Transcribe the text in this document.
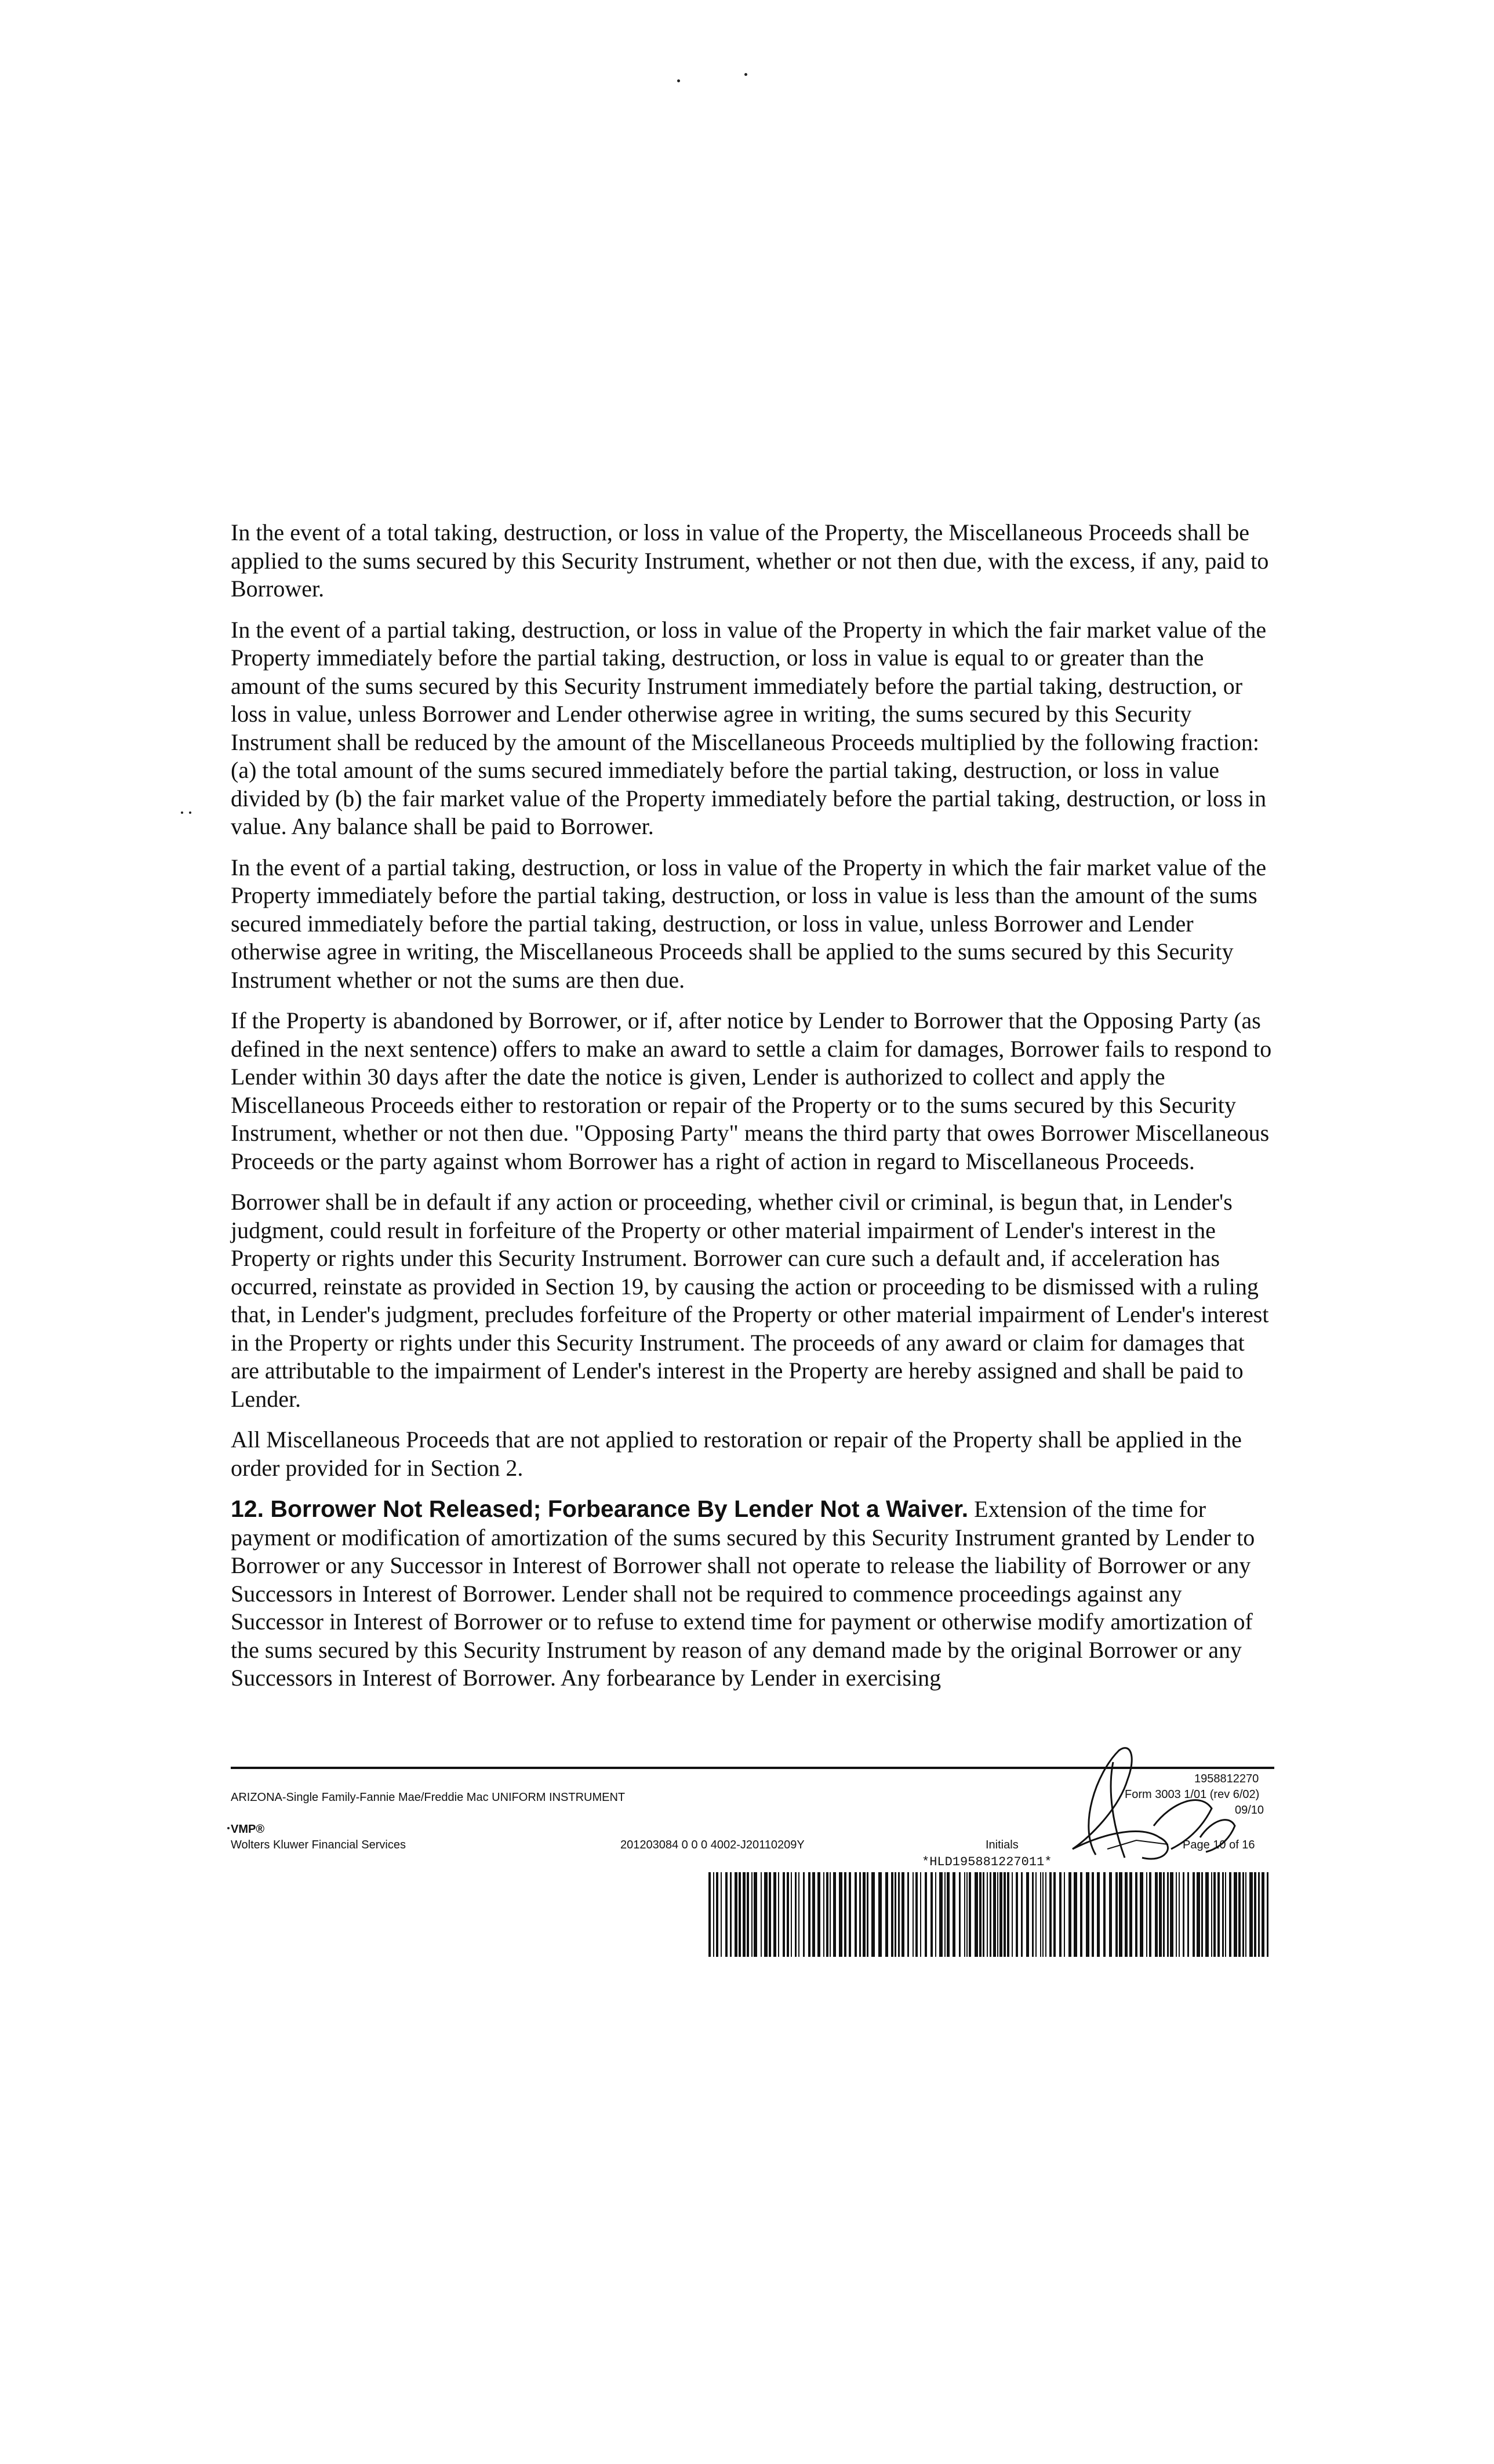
In the event of a total taking, destruction, or loss in value of the Property, the Miscellaneous Proceeds shall be applied to the sums secured by this Security Instrument, whether or not then due, with the excess, if any, paid to Borrower.

In the event of a partial taking, destruction, or loss in value of the Property in which the fair market value of the Property immediately before the partial taking, destruction, or loss in value is equal to or greater than the amount of the sums secured by this Security Instrument immediately before the partial taking, destruction, or loss in value, unless Borrower and Lender otherwise agree in writing, the sums secured by this Security Instrument shall be reduced by the amount of the Miscellaneous Proceeds multiplied by the following fraction: (a) the total amount of the sums secured immediately before the partial taking, destruction, or loss in value divided by (b) the fair market value of the Property immediately before the partial taking, destruction, or loss in value. Any balance shall be paid to Borrower.

In the event of a partial taking, destruction, or loss in value of the Property in which the fair market value of the Property immediately before the partial taking, destruction, or loss in value is less than the amount of the sums secured immediately before the partial taking, destruction, or loss in value, unless Borrower and Lender otherwise agree in writing, the Miscellaneous Proceeds shall be applied to the sums secured by this Security Instrument whether or not the sums are then due.

If the Property is abandoned by Borrower, or if, after notice by Lender to Borrower that the Opposing Party (as defined in the next sentence) offers to make an award to settle a claim for damages, Borrower fails to respond to Lender within 30 days after the date the notice is given, Lender is authorized to collect and apply the Miscellaneous Proceeds either to restoration or repair of the Property or to the sums secured by this Security Instrument, whether or not then due. "Opposing Party" means the third party that owes Borrower Miscellaneous Proceeds or the party against whom Borrower has a right of action in regard to Miscellaneous Proceeds.

Borrower shall be in default if any action or proceeding, whether civil or criminal, is begun that, in Lender's judgment, could result in forfeiture of the Property or other material impairment of Lender's interest in the Property or rights under this Security Instrument. Borrower can cure such a default and, if acceleration has occurred, reinstate as provided in Section 19, by causing the action or proceeding to be dismissed with a ruling that, in Lender's judgment, precludes forfeiture of the Property or other material impairment of Lender's interest in the Property or rights under this Security Instrument. The proceeds of any award or claim for damages that are attributable to the impairment of Lender's interest in the Property are hereby assigned and shall be paid to Lender.

All Miscellaneous Proceeds that are not applied to restoration or repair of the Property shall be applied in the order provided for in Section 2.

12. Borrower Not Released; Forbearance By Lender Not a Waiver. Extension of the time for payment or modification of amortization of the sums secured by this Security Instrument granted by Lender to Borrower or any Successor in Interest of Borrower shall not operate to release the liability of Borrower or any Successors in Interest of Borrower. Lender shall not be required to commence proceedings against any Successor in Interest of Borrower or to refuse to extend time for payment or otherwise modify amortization of the sums secured by this Security Instrument by reason of any demand made by the original Borrower or any Successors in Interest of Borrower. Any forbearance by Lender in exercising

1958812270
ARIZONA-Single Family-Fannie Mae/Freddie Mac UNIFORM INSTRUMENT	Form 3003 1/01 (rev 6/02)
09/10
VMP®
Wolters Kluwer Financial Services	201203084 0 0 0 4002-J20110209Y	Initials	Page 10 of 16
*HLD195881227011*
